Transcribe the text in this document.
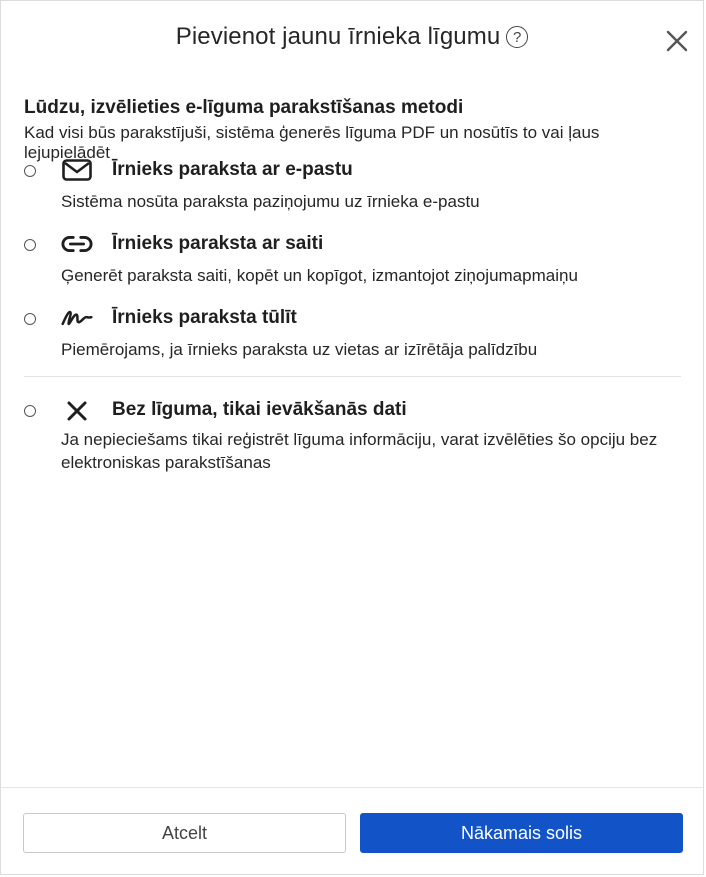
Pievienot jaunu īrnieka līgumu ?
Lūdzu, izvēlieties e-līguma parakstīšanas metodi
Kad visi būs parakstījuši, sistēma ģenerēs līguma PDF un nosūtīs to vai ļaus lejupielādēt
Īrnieks paraksta ar e-pastu
Sistēma nosūta paraksta paziņojumu uz īrnieka e-pastu
Īrnieks paraksta ar saiti
Ģenerēt paraksta saiti, kopēt un kopīgot, izmantojot ziņojumapmaiņu
Īrnieks paraksta tūlīt
Piemērojams, ja īrnieks paraksta uz vietas ar izīrētāja palīdzību
Bez līguma, tikai ievākšanās dati
Ja nepieciešams tikai reģistrēt līguma informāciju, varat izvēlēties šo opciju bez elektroniskas parakstīšanas
Atcelt	Nākamais solis
